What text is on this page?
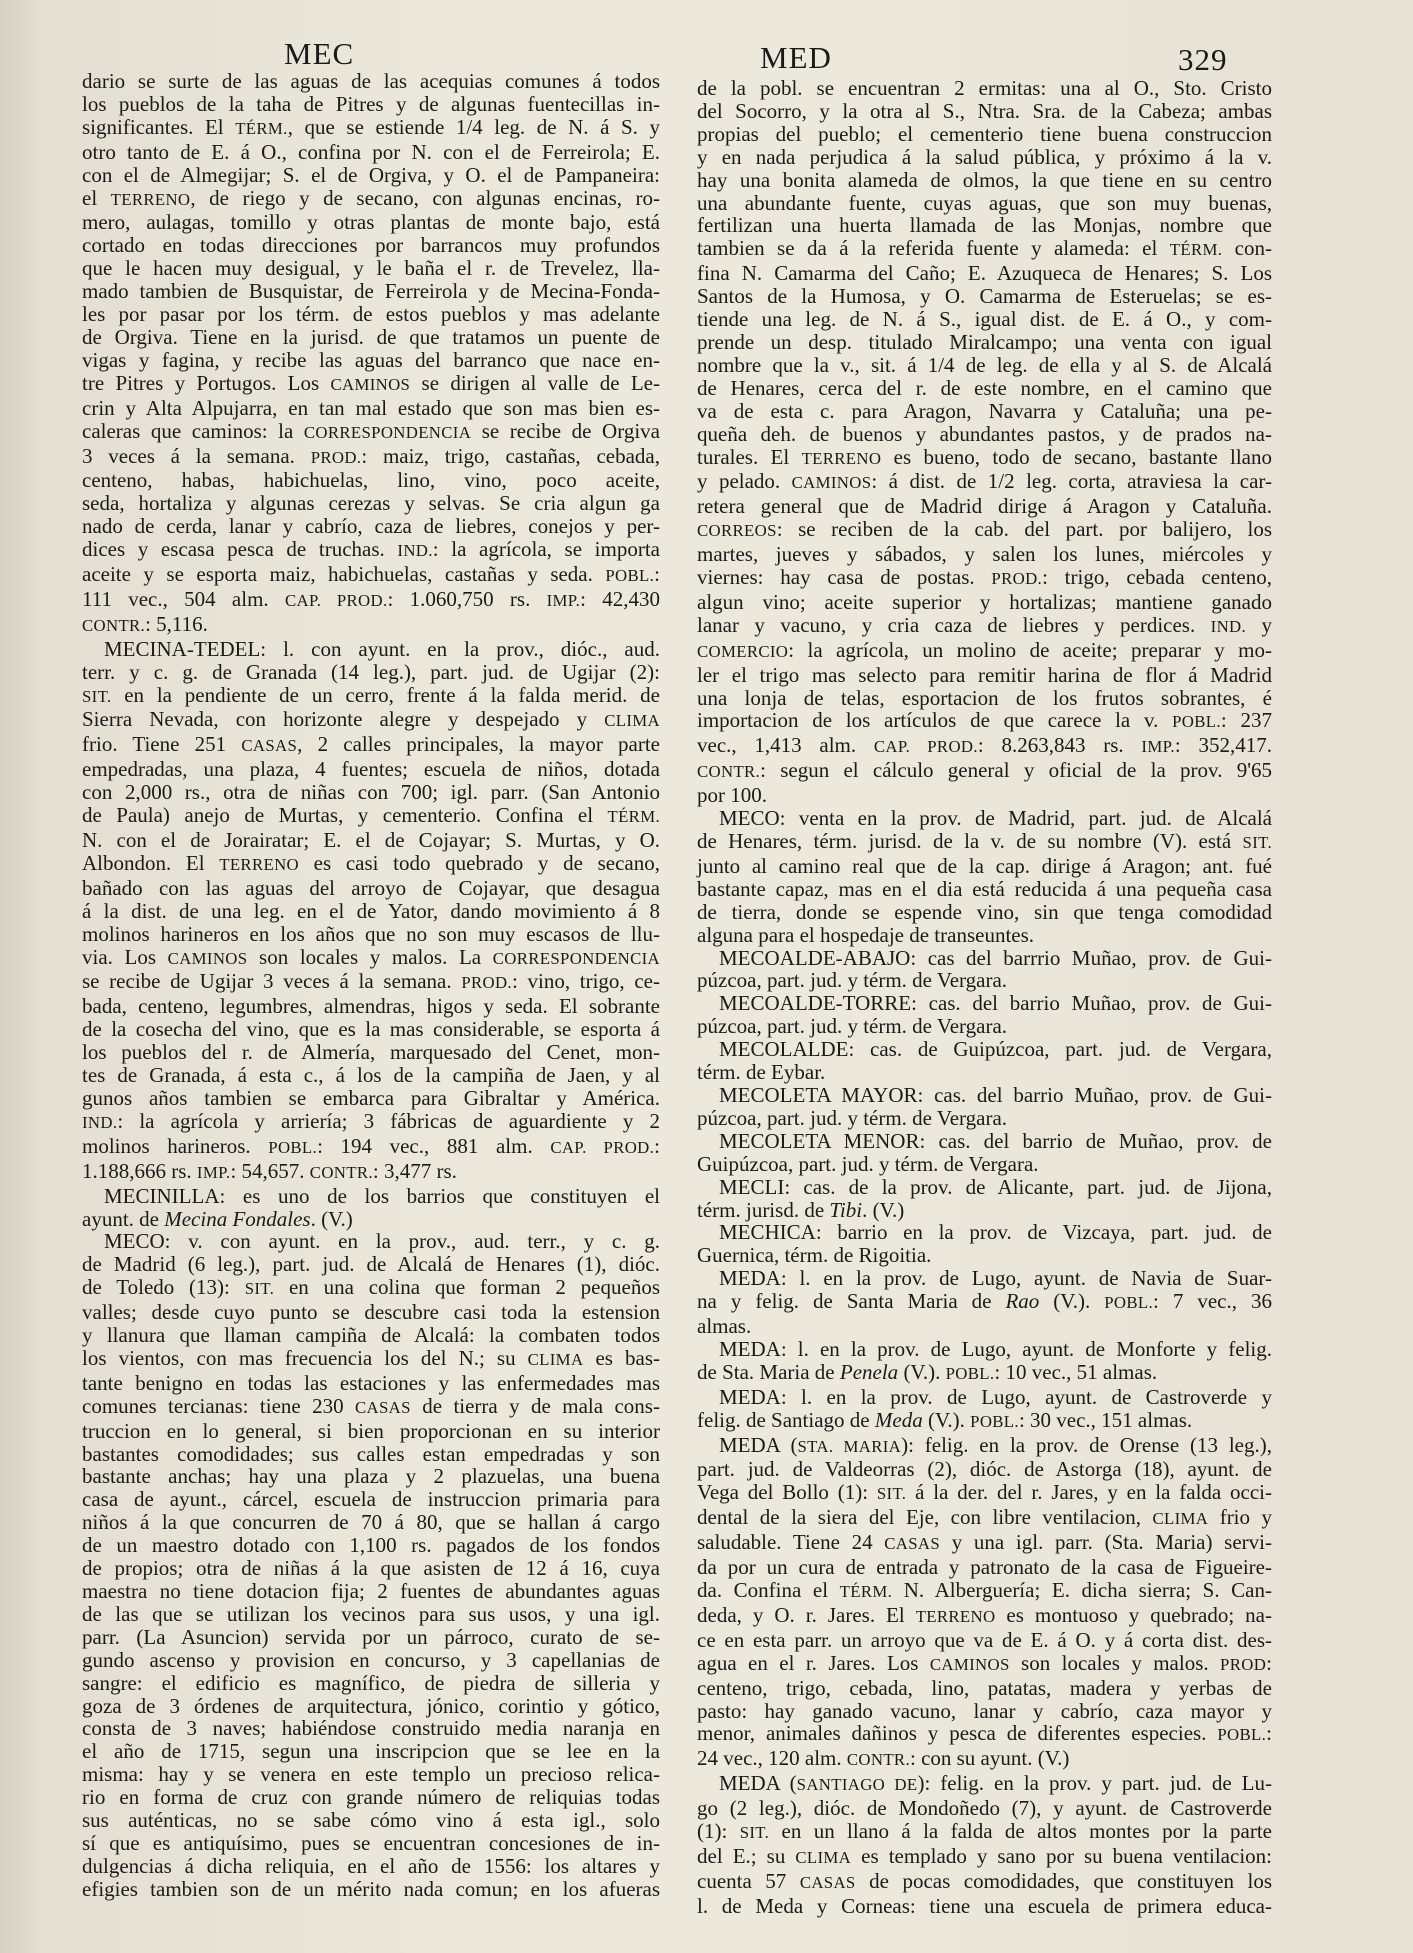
MEC	MED	329
dario se surte de las aguas de las acequias comunes á todos
los pueblos de la taha de Pitres y de algunas fuentecillas in-
significantes. El TÉRM., que se estiende 1/4 leg. de N. á S. y
otro tanto de E. á O., confina por N. con el de Ferreirola; E.
con el de Almegijar; S. el de Orgiva, y O. el de Pampaneira:
el TERRENO, de riego y de secano, con algunas encinas, ro-
mero, aulagas, tomillo y otras plantas de monte bajo, está
cortado en todas direcciones por barrancos muy profundos
que le hacen muy desigual, y le baña el r. de Trevelez, lla-
mado tambien de Busquistar, de Ferreirola y de Mecina-Fonda-
les por pasar por los térm. de estos pueblos y mas adelante
de Orgiva. Tiene en la jurisd. de que tratamos un puente de
vigas y fagina, y recibe las aguas del barranco que nace en-
tre Pitres y Portugos. Los CAMINOS se dirigen al valle de Le-
crin y Alta Alpujarra, en tan mal estado que son mas bien es-
caleras que caminos: la CORRESPONDENCIA se recibe de Orgiva
3 veces á la semana. PROD.: maiz, trigo, castañas, cebada,
centeno, habas, habichuelas, lino, vino, poco aceite,
seda, hortaliza y algunas cerezas y selvas. Se cria algun ga
nado de cerda, lanar y cabrío, caza de liebres, conejos y per-
dices y escasa pesca de truchas. IND.: la agrícola, se importa
aceite y se esporta maiz, habichuelas, castañas y seda. POBL.:
111 vec., 504 alm. CAP. PROD.: 1.060,750 rs. IMP.: 42,430
CONTR.: 5,116.
MECINA-TEDEL: l. con ayunt. en la prov., dióc., aud.
terr. y c. g. de Granada (14 leg.), part. jud. de Ugijar (2):
SIT. en la pendiente de un cerro, frente á la falda merid. de
Sierra Nevada, con horizonte alegre y despejado y CLIMA
frio. Tiene 251 CASAS, 2 calles principales, la mayor parte
empedradas, una plaza, 4 fuentes; escuela de niños, dotada
con 2,000 rs., otra de niñas con 700; igl. parr. (San Antonio
de Paula) anejo de Murtas, y cementerio. Confina el TÉRM.
N. con el de Jorairatar; E. el de Cojayar; S. Murtas, y O.
Albondon. El TERRENO es casi todo quebrado y de secano,
bañado con las aguas del arroyo de Cojayar, que desagua
á la dist. de una leg. en el de Yator, dando movimiento á 8
molinos harineros en los años que no son muy escasos de llu-
via. Los CAMINOS son locales y malos. La CORRESPONDENCIA
se recibe de Ugijar 3 veces á la semana. PROD.: vino, trigo, ce-
bada, centeno, legumbres, almendras, higos y seda. El sobrante
de la cosecha del vino, que es la mas considerable, se esporta á
los pueblos del r. de Almería, marquesado del Cenet, mon-
tes de Granada, á esta c., á los de la campiña de Jaen, y al
gunos años tambien se embarca para Gibraltar y América.
IND.: la agrícola y arriería; 3 fábricas de aguardiente y 2
molinos harineros. POBL.: 194 vec., 881 alm. CAP. PROD.:
1.188,666 rs. IMP.: 54,657. CONTR.: 3,477 rs.
MECINILLA: es uno de los barrios que constituyen el
ayunt. de Mecina Fondales. (V.)
MECO: v. con ayunt. en la prov., aud. terr., y c. g.
de Madrid (6 leg.), part. jud. de Alcalá de Henares (1), dióc.
de Toledo (13): SIT. en una colina que forman 2 pequeños
valles; desde cuyo punto se descubre casi toda la estension
y llanura que llaman campiña de Alcalá: la combaten todos
los vientos, con mas frecuencia los del N.; su CLIMA es bas-
tante benigno en todas las estaciones y las enfermedades mas
comunes tercianas: tiene 230 CASAS de tierra y de mala cons-
truccion en lo general, si bien proporcionan en su interior
bastantes comodidades; sus calles estan empedradas y son
bastante anchas; hay una plaza y 2 plazuelas, una buena
casa de ayunt., cárcel, escuela de instruccion primaria para
niños á la que concurren de 70 á 80, que se hallan á cargo
de un maestro dotado con 1,100 rs. pagados de los fondos
de propios; otra de niñas á la que asisten de 12 á 16, cuya
maestra no tiene dotacion fija; 2 fuentes de abundantes aguas
de las que se utilizan los vecinos para sus usos, y una igl.
parr. (La Asuncion) servida por un párroco, curato de se-
gundo ascenso y provision en concurso, y 3 capellanias de
sangre: el edificio es magnífico, de piedra de silleria y
goza de 3 órdenes de arquitectura, jónico, corintio y gótico,
consta de 3 naves; habiéndose construido media naranja en
el año de 1715, segun una inscripcion que se lee en la
misma: hay y se venera en este templo un precioso relica-
rio en forma de cruz con grande número de reliquias todas
sus auténticas, no se sabe cómo vino á esta igl., solo
sí que es antiquísimo, pues se encuentran concesiones de in-
dulgencias á dicha reliquia, en el año de 1556: los altares y
efigies tambien son de un mérito nada comun; en los afueras
de la pobl. se encuentran 2 ermitas: una al O., Sto. Cristo
del Socorro, y la otra al S., Ntra. Sra. de la Cabeza; ambas
propias del pueblo; el cementerio tiene buena construccion
y en nada perjudica á la salud pública, y próximo á la v.
hay una bonita alameda de olmos, la que tiene en su centro
una abundante fuente, cuyas aguas, que son muy buenas,
fertilizan una huerta llamada de las Monjas, nombre que
tambien se da á la referida fuente y alameda: el TÉRM. con-
fina N. Camarma del Caño; E. Azuqueca de Henares; S. Los
Santos de la Humosa, y O. Camarma de Esteruelas; se es-
tiende una leg. de N. á S., igual dist. de E. á O., y com-
prende un desp. titulado Miralcampo; una venta con igual
nombre que la v., sit. á 1/4 de leg. de ella y al S. de Alcalá
de Henares, cerca del r. de este nombre, en el camino que
va de esta c. para Aragon, Navarra y Cataluña; una pe-
queña deh. de buenos y abundantes pastos, y de prados na-
turales. El TERRENO es bueno, todo de secano, bastante llano
y pelado. CAMINOS: á dist. de 1/2 leg. corta, atraviesa la car-
retera general que de Madrid dirige á Aragon y Cataluña.
CORREOS: se reciben de la cab. del part. por balijero, los
martes, jueves y sábados, y salen los lunes, miércoles y
viernes: hay casa de postas. PROD.: trigo, cebada centeno,
algun vino; aceite superior y hortalizas; mantiene ganado
lanar y vacuno, y cria caza de liebres y perdices. IND. y
COMERCIO: la agrícola, un molino de aceite; preparar y mo-
ler el trigo mas selecto para remitir harina de flor á Madrid
una lonja de telas, esportacion de los frutos sobrantes, é
importacion de los artículos de que carece la v. POBL.: 237
vec., 1,413 alm. CAP. PROD.: 8.263,843 rs. IMP.: 352,417.
CONTR.: segun el cálculo general y oficial de la prov. 9'65
por 100.
MECO: venta en la prov. de Madrid, part. jud. de Alcalá
de Henares, térm. jurisd. de la v. de su nombre (V). está SIT.
junto al camino real que de la cap. dirige á Aragon; ant. fué
bastante capaz, mas en el dia está reducida á una pequeña casa
de tierra, donde se espende vino, sin que tenga comodidad
alguna para el hospedaje de transeuntes.
MECOALDE-ABAJO: cas del barrrio Muñao, prov. de Gui-
púzcoa, part. jud. y térm. de Vergara.
MECOALDE-TORRE: cas. del barrio Muñao, prov. de Gui-
púzcoa, part. jud. y térm. de Vergara.
MECOLALDE: cas. de Guipúzcoa, part. jud. de Vergara,
térm. de Eybar.
MECOLETA MAYOR: cas. del barrio Muñao, prov. de Gui-
púzcoa, part. jud. y térm. de Vergara.
MECOLETA MENOR: cas. del barrio de Muñao, prov. de
Guipúzcoa, part. jud. y térm. de Vergara.
MECLI: cas. de la prov. de Alicante, part. jud. de Jijona,
térm. jurisd. de Tibi. (V.)
MECHICA: barrio en la prov. de Vizcaya, part. jud. de
Guernica, térm. de Rigoitia.
MEDA: l. en la prov. de Lugo, ayunt. de Navia de Suar-
na y felig. de Santa Maria de Rao (V.). POBL.: 7 vec., 36
almas.
MEDA: l. en la prov. de Lugo, ayunt. de Monforte y felig.
de Sta. Maria de Penela (V.). POBL.: 10 vec., 51 almas.
MEDA: l. en la prov. de Lugo, ayunt. de Castroverde y
felig. de Santiago de Meda (V.). POBL.: 30 vec., 151 almas.
MEDA (STA. MARIA): felig. en la prov. de Orense (13 leg.),
part. jud. de Valdeorras (2), dióc. de Astorga (18), ayunt. de
Vega del Bollo (1): SIT. á la der. del r. Jares, y en la falda occi-
dental de la siera del Eje, con libre ventilacion, CLIMA frio y
saludable. Tiene 24 CASAS y una igl. parr. (Sta. Maria) servi-
da por un cura de entrada y patronato de la casa de Figueire-
da. Confina el TÉRM. N. Alberguería; E. dicha sierra; S. Can-
deda, y O. r. Jares. El TERRENO es montuoso y quebrado; na-
ce en esta parr. un arroyo que va de E. á O. y á corta dist. des-
agua en el r. Jares. Los CAMINOS son locales y malos. PROD:
centeno, trigo, cebada, lino, patatas, madera y yerbas de
pasto: hay ganado vacuno, lanar y cabrío, caza mayor y
menor, animales dañinos y pesca de diferentes especies. POBL.:
24 vec., 120 alm. CONTR.: con su ayunt. (V.)
MEDA (SANTIAGO DE): felig. en la prov. y part. jud. de Lu-
go (2 leg.), dióc. de Mondoñedo (7), y ayunt. de Castroverde
(1): SIT. en un llano á la falda de altos montes por la parte
del E.; su CLIMA es templado y sano por su buena ventilacion:
cuenta 57 CASAS de pocas comodidades, que constituyen los
l. de Meda y Corneas: tiene una escuela de primera educa-
